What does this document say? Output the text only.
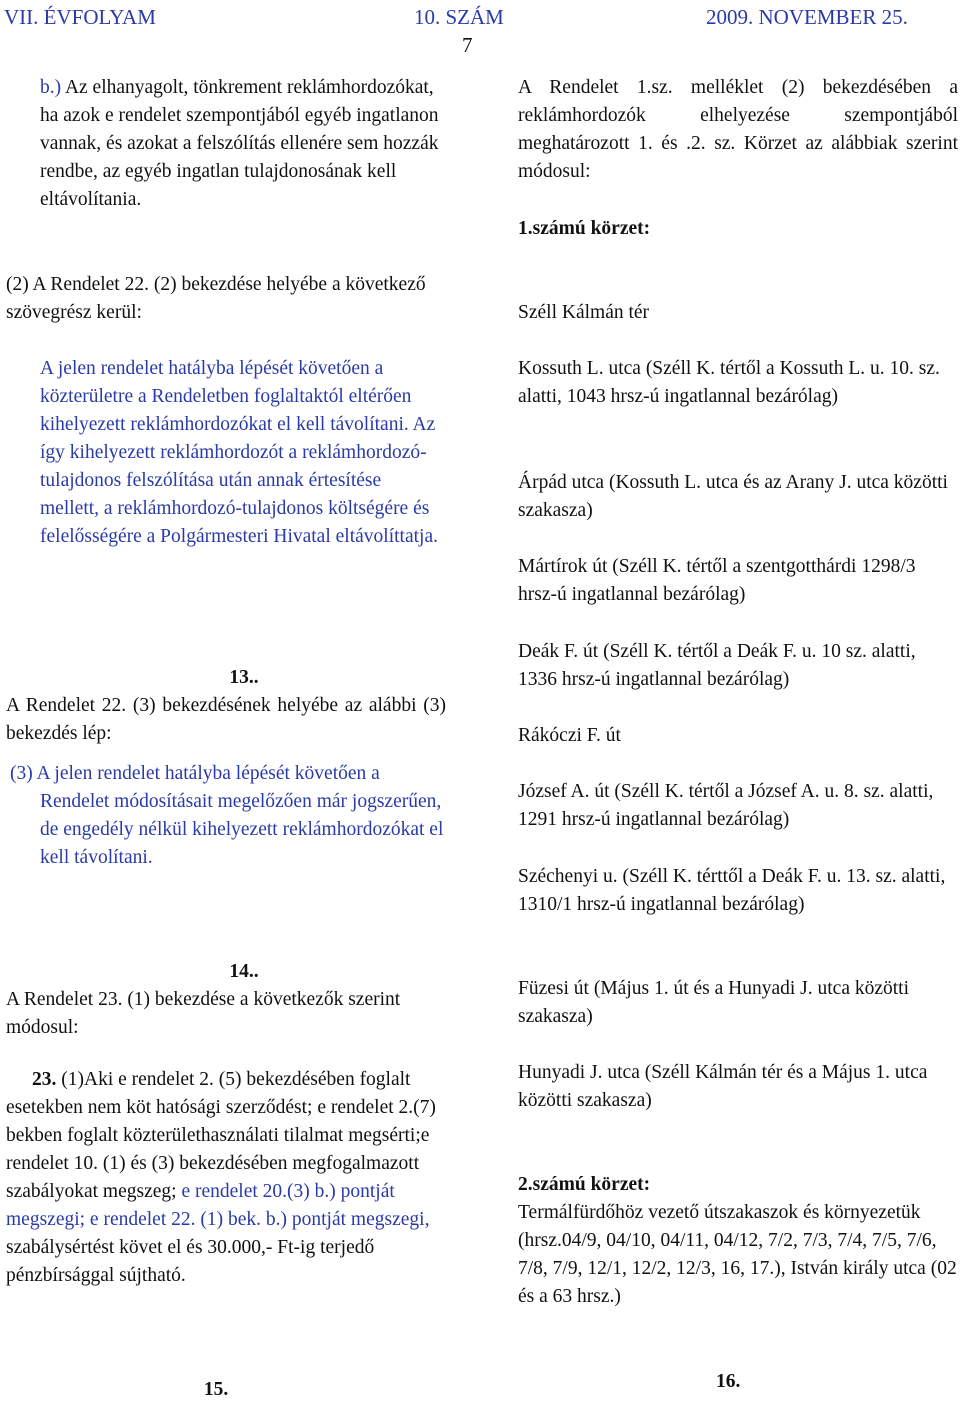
VII. ÉVFOLYAM	10. SZÁM	2009. NOVEMBER 25.
7

b.) Az elhanyagolt, tönkrement reklámhordozókat, ha azok e rendelet szempontjából egyéb ingatlanon vannak, és azokat a felszólítás ellenére sem hozzák rendbe, az egyéb ingatlan tulajdonosának kell eltávolítania.

(2) A Rendelet 22. (2) bekezdése helyébe a következő szövegrész kerül:

A jelen rendelet hatályba lépését követően a közterületre a Rendeletben foglaltaktól eltérően kihelyezett reklámhordozókat el kell távolítani. Az így kihelyezett reklámhordozót a reklámhordozó-tulajdonos felszólítása után annak értesítése mellett, a reklámhordozó-tulajdonos költségére és felelősségére a Polgármesteri Hivatal eltávolíttatja.

13..

A Rendelet 22. (3) bekezdésének helyébe az alábbi (3) bekezdés lép:

(3) A jelen rendelet hatályba lépését követően a Rendelet módosításait megelőzően már jogszerűen, de engedély nélkül kihelyezett reklámhordozókat el kell távolítani.

14..

A Rendelet 23. (1) bekezdése a következők szerint módosul:

23. (1)Aki e rendelet 2. (5) bekezdésében foglalt esetekben nem köt hatósági szerződést; e rendelet 2.(7) bekben foglalt közterülethasználati tilalmat megsérti;e rendelet 10. (1) és (3) bekezdésében megfogalmazott szabályokat megszeg; e rendelet 20.(3) b.) pontját megszegi; e rendelet 22. (1) bek. b.) pontját megszegi, szabálysértést követ el és 30.000,- Ft-ig terjedő pénzbírsággal sújtható.

15.

A Rendelet 1.sz. melléklet (2) bekezdésében a reklámhordozók elhelyezése szempontjából meghatározott 1. és .2. sz. Körzet az alábbiak szerint módosul:

1.számú körzet:

Széll Kálmán tér

Kossuth L. utca (Széll K. tértől a Kossuth L. u. 10. sz. alatti, 1043 hrsz-ú ingatlannal bezárólag)

Árpád utca (Kossuth L. utca és az Arany J. utca közötti szakasza)

Mártírok út (Széll K. tértől a szentgotthárdi 1298/3 hrsz-ú ingatlannal bezárólag)

Deák F. út (Széll K. tértől a Deák F. u. 10 sz. alatti, 1336 hrsz-ú ingatlannal bezárólag)

Rákóczi F. út

József A. út (Széll K. tértől a József A. u. 8. sz. alatti, 1291 hrsz-ú ingatlannal bezárólag)

Széchenyi u. (Széll K. térttől a Deák F. u. 13. sz. alatti, 1310/1 hrsz-ú ingatlannal bezárólag)

Füzesi út (Május 1. út és a Hunyadi J. utca közötti szakasza)

Hunyadi J. utca (Széll Kálmán tér és a Május 1. utca közötti szakasza)

2.számú körzet:

Termálfürdőhöz vezető útszakaszok és környezetük (hrsz.04/9, 04/10, 04/11, 04/12, 7/2, 7/3, 7/4, 7/5, 7/6, 7/8, 7/9, 12/1, 12/2, 12/3, 16, 17.), István király utca (02 és a 63 hrsz.)

16.
